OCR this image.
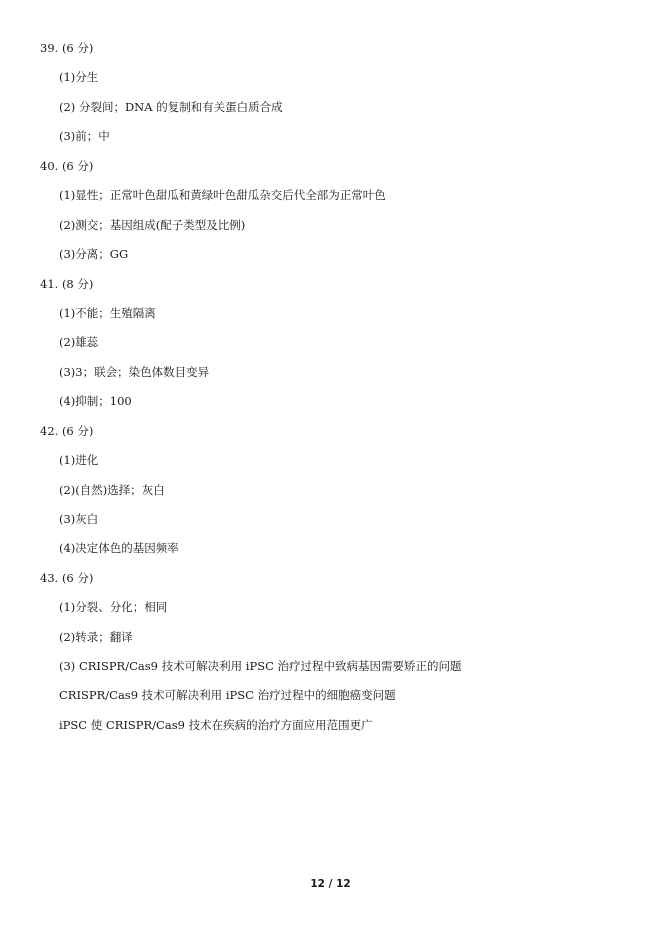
39. (6 分)
(1)分生
(2) 分裂间；DNA 的复制和有关蛋白质合成
(3)前；中
40. (6 分)
(1)显性；正常叶色甜瓜和黄绿叶色甜瓜杂交后代全部为正常叶色
(2)测交；基因组成(配子类型及比例)
(3)分离；GG
41. (8 分)
(1)不能；生殖隔离
(2)雄蕊
(3)3；联会；染色体数目变异
(4)抑制；100
42. (6 分)
(1)进化
(2)(自然)选择；灰白
(3)灰白
(4)决定体色的基因频率
43. (6 分)
(1)分裂、分化；相同
(2)转录；翻译
(3) CRISPR/Cas9 技术可解决利用 iPSC 治疗过程中致病基因需要矫正的问题
CRISPR/Cas9 技术可解决利用 iPSC 治疗过程中的细胞癌变问题
iPSC 使 CRISPR/Cas9 技术在疾病的治疗方面应用范围更广
12 / 12
